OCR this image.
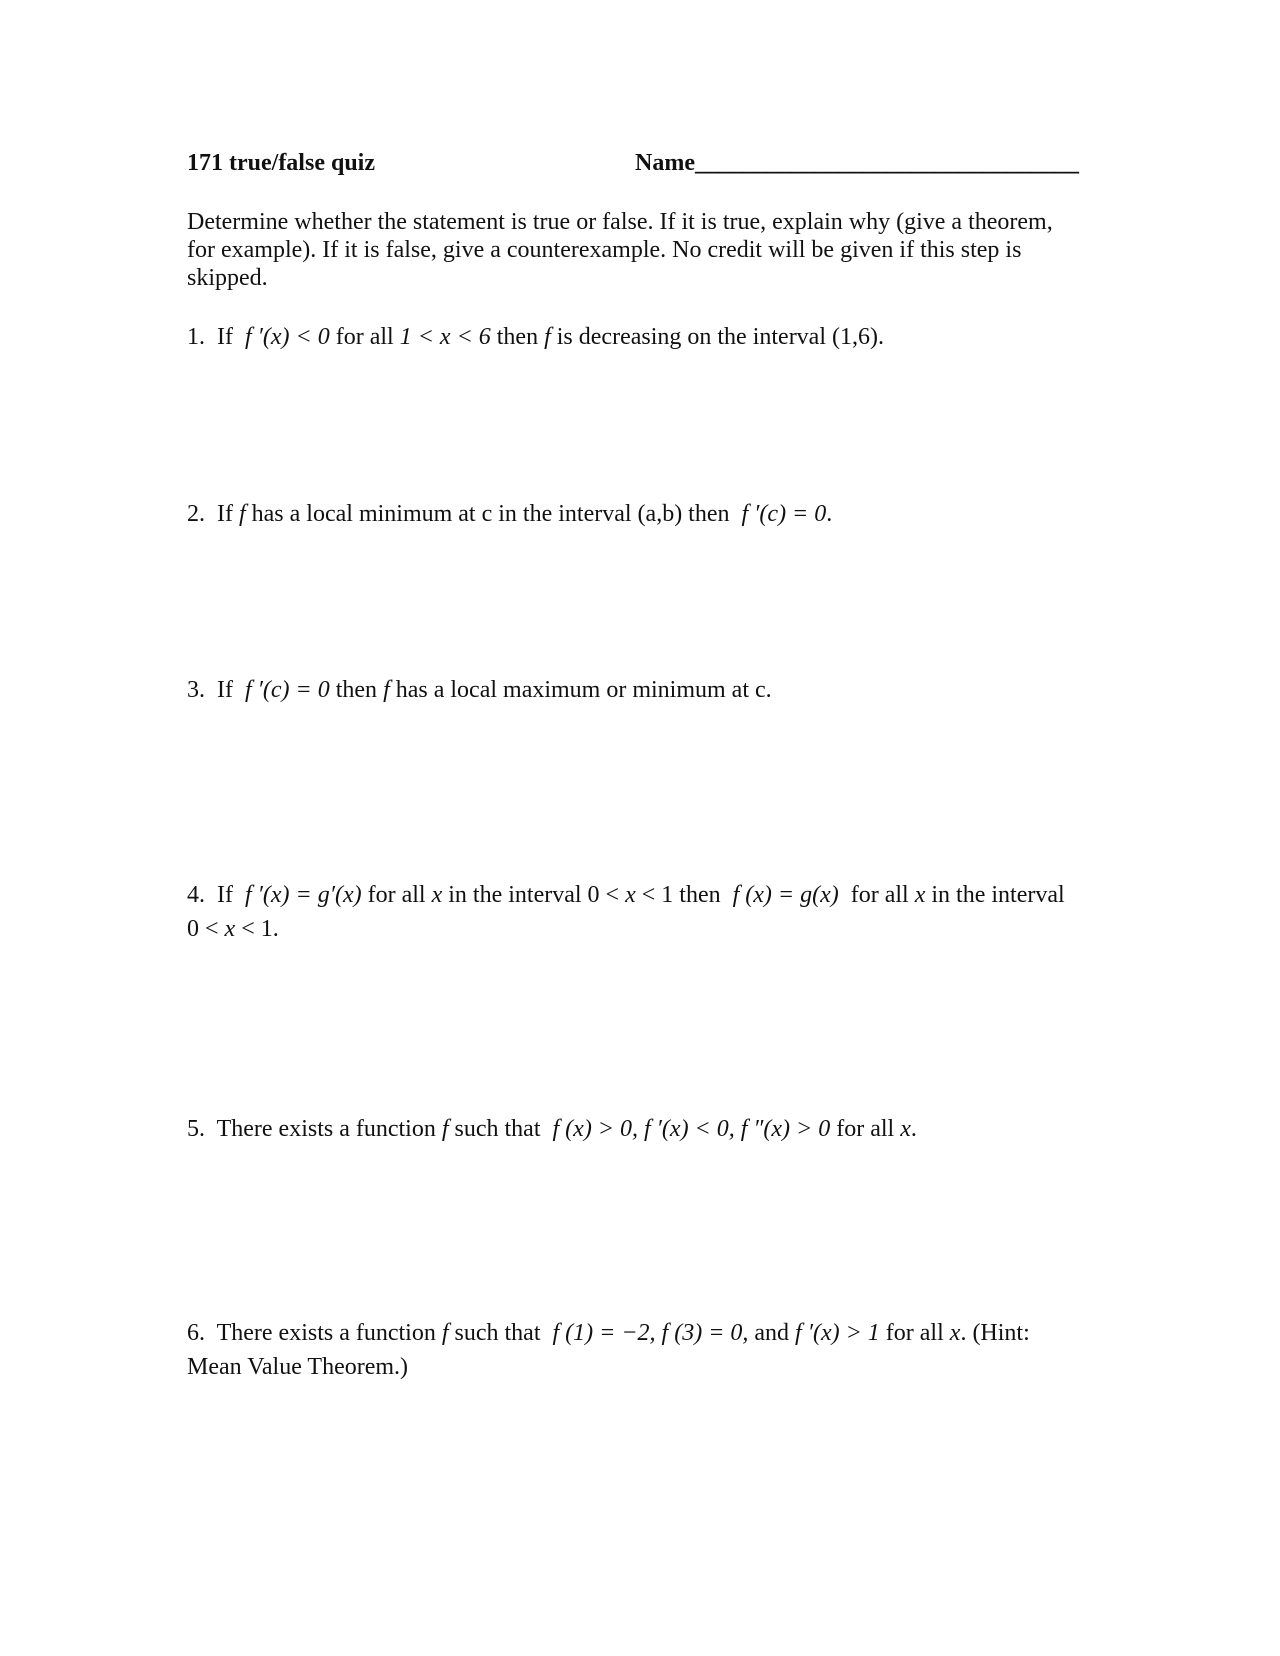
171 true/false quiz	Name________________________________

Determine whether the statement is true or false. If it is true, explain why (give a theorem, for example). If it is false, give a counterexample. No credit will be given if this step is skipped.

1. If f ′(x) < 0 for all 1 < x < 6 then f is decreasing on the interval (1,6).

2. If f has a local minimum at c in the interval (a,b) then f ′(c) = 0.

3. If f ′(c) = 0 then f has a local maximum or minimum at c.

4. If f ′(x) = g′(x) for all x in the interval 0 < x < 1 then f (x) = g(x) for all x in the interval 0 < x < 1.

5. There exists a function f such that f (x) > 0, f ′(x) < 0, f ″(x) > 0 for all x.

6. There exists a function f such that f (1) = −2, f (3) = 0, and f ′(x) > 1 for all x. (Hint: Mean Value Theorem.)
